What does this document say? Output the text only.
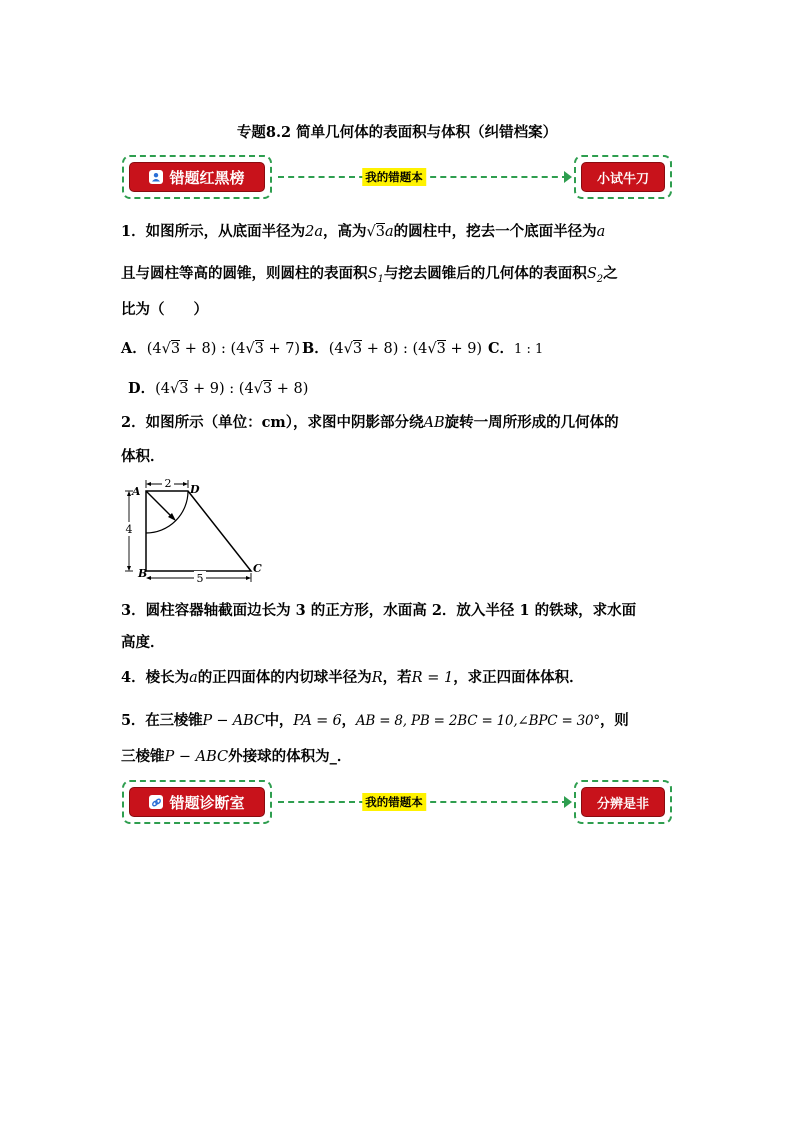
专题8.2 简单几何体的表面积与体积（纠错档案）
错题红黑榜	我的错题本	小试牛刀
1．如图所示，从底面半径为2a，高为√3a的圆柱中，挖去一个底面半径为a
且与圆柱等高的圆锥，则圆柱的表面积$S_1$与挖去圆锥后的几何体的表面积$S_2$之
比为（　　）
A．(4√3 + 8) : (4√3 + 7) B．(4√3 + 8) : (4√3 + 9) C．1 : 1
D．(4√3 + 9) : (4√3 + 8)
2．如图所示（单位：cm），求图中阴影部分绕AB旋转一周所形成的几何体的
体积．
2
4
5
A	D
B	C
3．圆柱容器轴截面边长为 3 的正方形，水面高 2．放入半径 1 的铁球，求水面
高度．
4．棱长为a的正四面体的内切球半径为R，若R = 1，求正四面体体积．
5．在三棱锥P − ABC中，PA = 6，AB = 8, PB = 2BC = 10,∠BPC = 30°，则
三棱锥P − ABC外接球的体积为_．
错题诊断室	我的错题本	分辨是非
